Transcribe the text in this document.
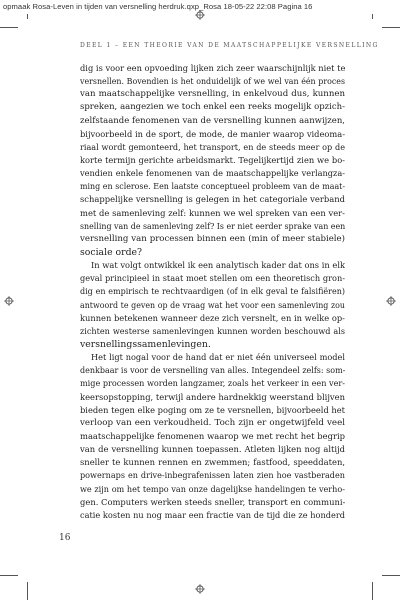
opmaak Rosa-Leven in tijden van versnelling herdruk.qxp_Rosa 18-05-22 22:08 Pagina 16
DEEL 1 – EEN THEORIE VAN DE MAATSCHAPPELIJKE VERSNELLING
dig is voor een opvoeding lijken zich zeer waarschijnlijk niet te
versnellen. Bovendien is het onduidelijk of we wel van één proces
van maatschappelijke versnelling, in enkelvoud dus, kunnen
spreken, aangezien we toch enkel een reeks mogelijk opzich-
zelfstaande fenomenen van de versnelling kunnen aanwijzen,
bijvoorbeeld in de sport, de mode, de manier waarop videoma-
riaal wordt gemonteerd, het transport, en de steeds meer op de
korte termijn gerichte arbeidsmarkt. Tegelijkertijd zien we bo-
vendien enkele fenomenen van de maatschappelijke verlangza-
ming en sclerose. Een laatste conceptueel probleem van de maat-
schappelijke versnelling is gelegen in het categoriale verband
met de samenleving zelf: kunnen we wel spreken van een ver-
snelling van de samenleving zelf? Is er niet eerder sprake van een
versnelling van processen binnen een (min of meer stabiele)
sociale orde?
In wat volgt ontwikkel ik een analytisch kader dat ons in elk
geval principieel in staat moet stellen om een theoretisch gron-
dig en empirisch te rechtvaardigen (of in elk geval te falsifiëren)
antwoord te geven op de vraag wat het voor een samenleving zou
kunnen betekenen wanneer deze zich versnelt, en in welke op-
zichten westerse samenlevingen kunnen worden beschouwd als
versnellingssamenlevingen.
Het ligt nogal voor de hand dat er niet één universeel model
denkbaar is voor de versnelling van alles. Integendeel zelfs: som-
mige processen worden langzamer, zoals het verkeer in een ver-
keersopstopping, terwijl andere hardnekkig weerstand blijven
bieden tegen elke poging om ze te versnellen, bijvoorbeeld het
verloop van een verkoudheid. Toch zijn er ongetwijfeld veel
maatschappelijke fenomenen waarop we met recht het begrip
van de versnelling kunnen toepassen. Atleten lijken nog altijd
sneller te kunnen rennen en zwemmen; fastfood, speeddaten,
powernaps en drive-inbegrafenissen laten zien hoe vastberaden
we zijn om het tempo van onze dagelijkse handelingen te verho-
gen. Computers werken steeds sneller, transport en communi-
catie kosten nu nog maar een fractie van de tijd die ze honderd
16
